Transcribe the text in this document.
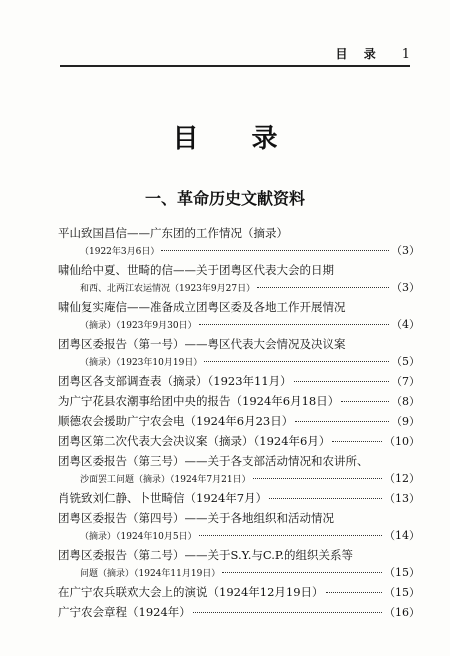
目 录 1
目 录
一、革命历史文献资料
平山致国昌信——广东团的工作情况（摘录）
（1922年3月6日）	（3）
啸仙给中夏、世畸的信——关于团粤区代表大会的日期
和西、北两江农运情况（1923年9月27日）	（3）
啸仙复实庵信——准备成立团粤区委及各地工作开展情况
（摘录）（1923年9月30日）	（4）
团粤区委报告（第一号）——粤区代表大会情况及决议案
（摘录）（1923年10月19日）	（5）
团粤区各支部调查表（摘录）（1923年11月）	（7）
为广宁花县农潮事给团中央的报告（1924年6月18日）	（8）
顺德农会援助广宁农会电（1924年6月23日）	（9）
团粤区第二次代表大会决议案（摘录）（1924年6月）	（10）
团粤区委报告（第三号）——关于各支部活动情况和农讲所、
沙面罢工问题（摘录）（1924年7月21日）	（12）
肖铣致刘仁静、卜世畸信（1924年7月）	（13）
团粤区委报告（第四号）——关于各地组织和活动情况
（摘录）（1924年10月5日）	（14）
团粤区委报告（第二号）——关于S.Y.与C.P.的组织关系等
问题（摘录）（1924年11月19日）	（15）
在广宁农兵联欢大会上的演说（1924年12月19日）	（15）
广宁农会章程（1924年）	（16）
